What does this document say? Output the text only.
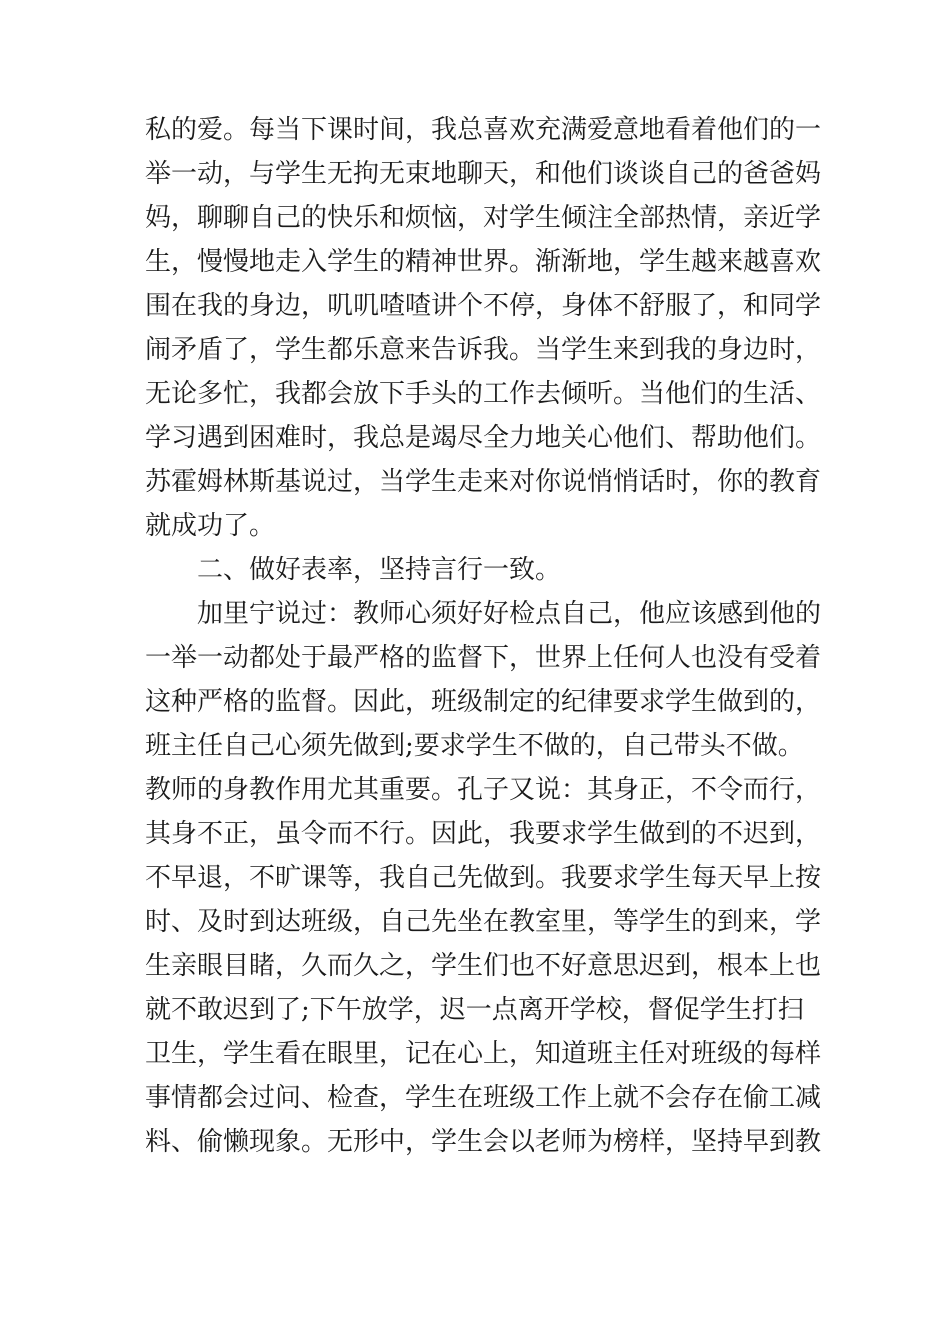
私的爱。每当下课时间，我总喜欢充满爱意地看着他们的一
举一动，与学生无拘无束地聊天，和他们谈谈自己的爸爸妈
妈，聊聊自己的快乐和烦恼，对学生倾注全部热情，亲近学
生，慢慢地走入学生的精神世界。渐渐地，学生越来越喜欢
围在我的身边，叽叽喳喳讲个不停，身体不舒服了，和同学
闹矛盾了，学生都乐意来告诉我。当学生来到我的身边时，
无论多忙，我都会放下手头的工作去倾听。当他们的生活、
学习遇到困难时，我总是竭尽全力地关心他们、帮助他们。
苏霍姆林斯基说过，当学生走来对你说悄悄话时，你的教育
就成功了。
二、做好表率，坚持言行一致。
加里宁说过：教师心须好好检点自己，他应该感到他的
一举一动都处于最严格的监督下，世界上任何人也没有受着
这种严格的监督。因此，班级制定的纪律要求学生做到的，
班主任自己心须先做到;要求学生不做的，自己带头不做。
教师的身教作用尤其重要。孔子又说：其身正，不令而行，
其身不正，虽令而不行。因此，我要求学生做到的不迟到，
不早退，不旷课等，我自己先做到。我要求学生每天早上按
时、及时到达班级，自己先坐在教室里，等学生的到来，学
生亲眼目睹，久而久之，学生们也不好意思迟到，根本上也
就不敢迟到了;下午放学，迟一点离开学校，督促学生打扫
卫生，学生看在眼里，记在心上，知道班主任对班级的每样
事情都会过问、检查，学生在班级工作上就不会存在偷工减
料、偷懒现象。无形中，学生会以老师为榜样，坚持早到教
